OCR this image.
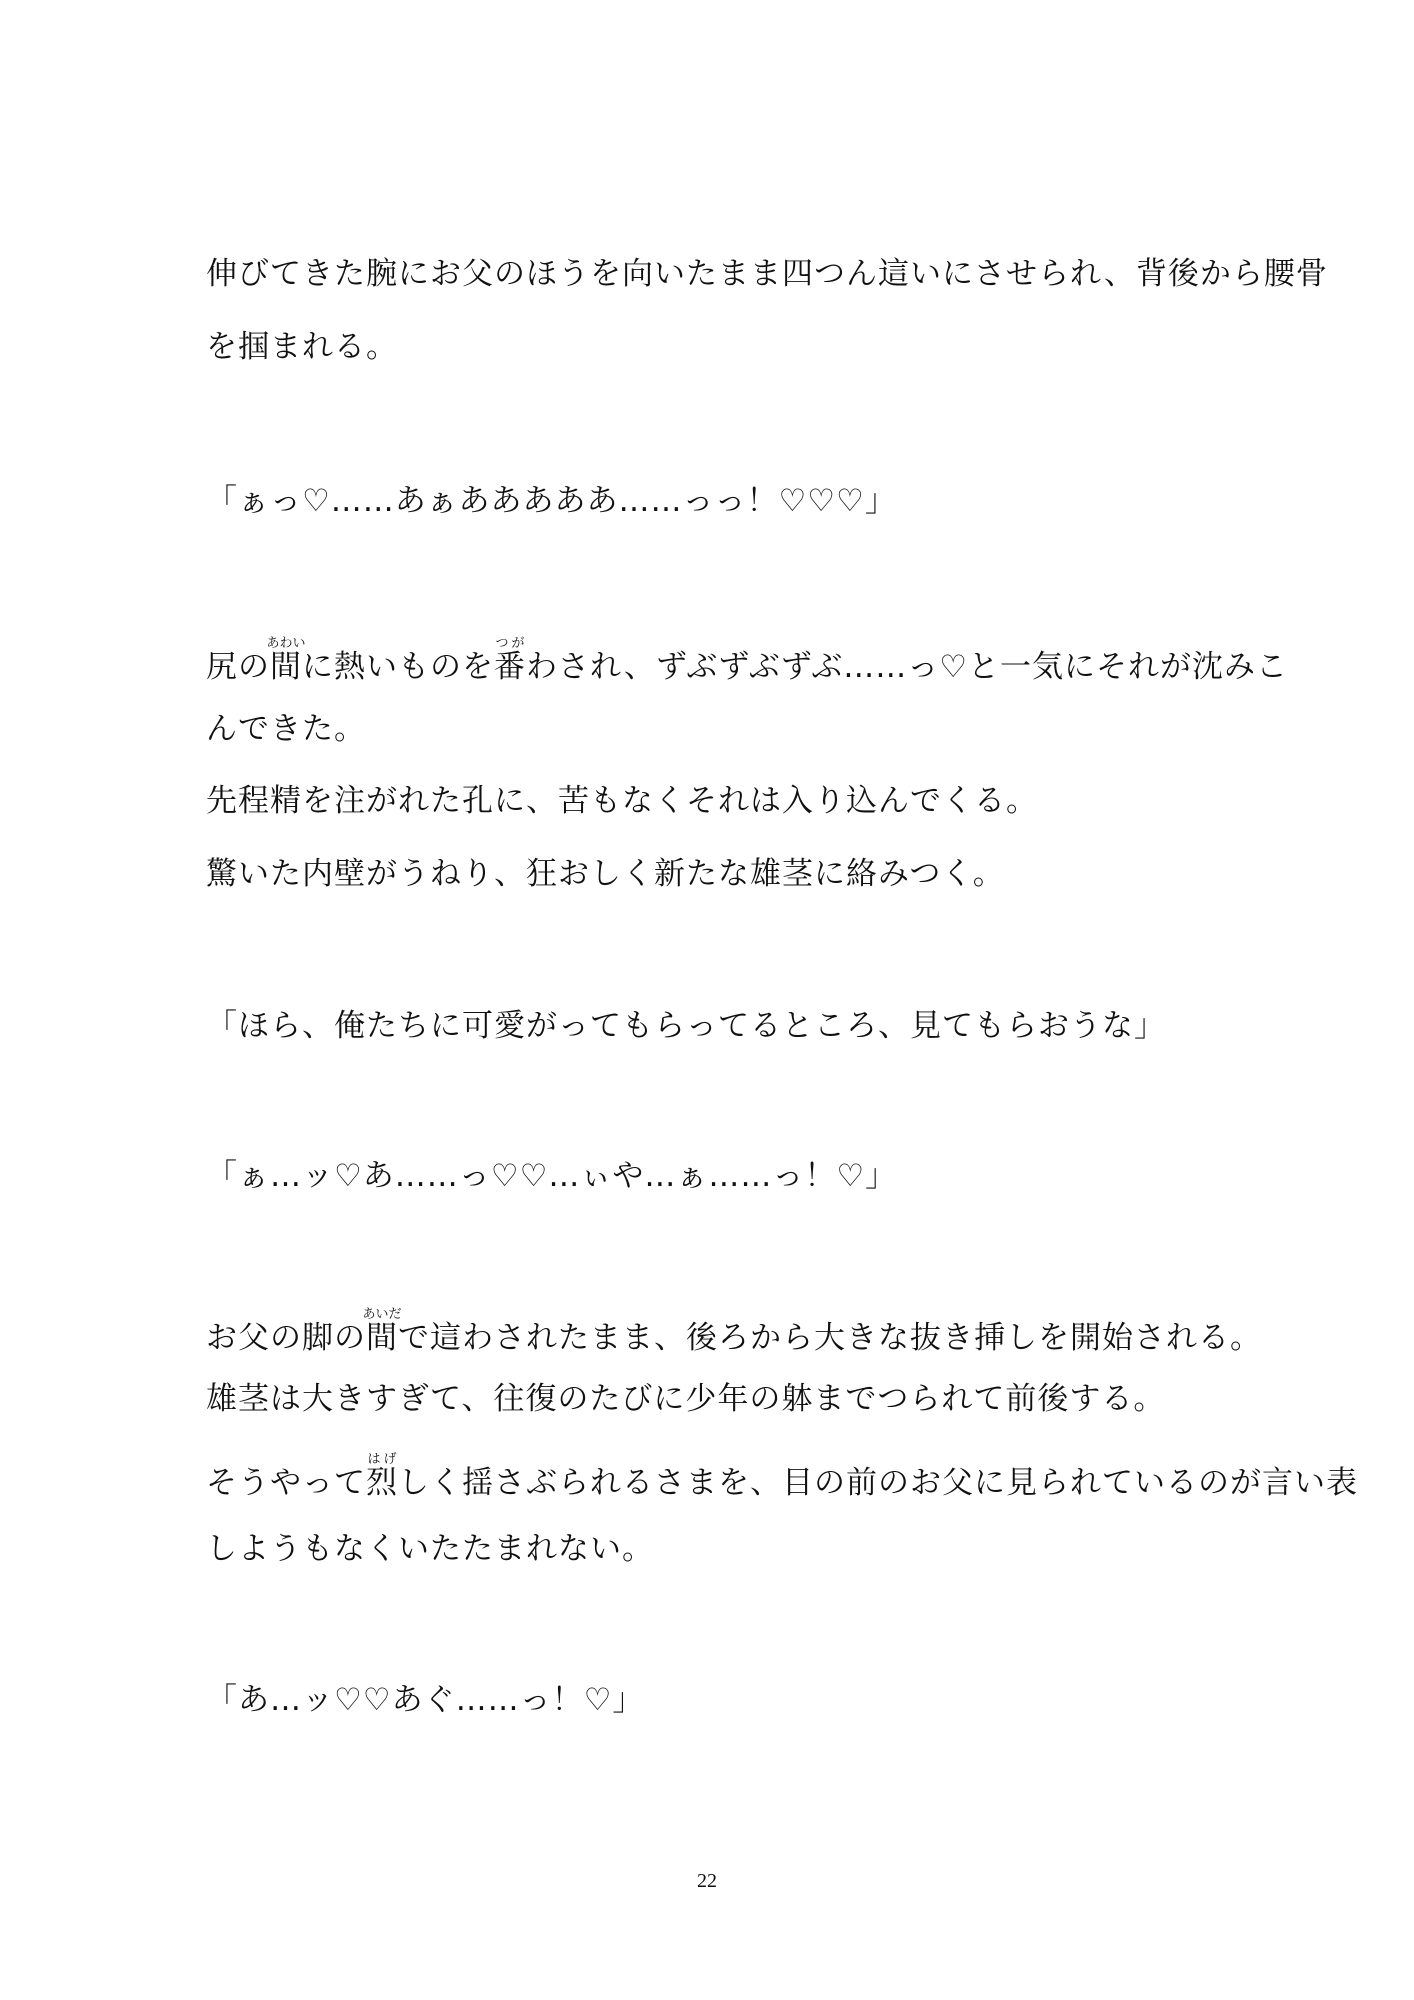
伸びてきた腕にお父のほうを向いたまま四つん這いにさせられ、背後から腰骨
を掴まれる。
「ぁっ♡……あぁあああああ……っっ！♡♡♡」
尻の間あわいに熱いものを番つがわされ、ずぶずぶずぶ……っ♡と一気にそれが沈みこ
んできた。
先程精を注がれた孔に、苦もなくそれは入り込んでくる。
驚いた内壁がうねり、狂おしく新たな雄茎に絡みつく。
「ほら、俺たちに可愛がってもらってるところ、見てもらおうな」
「ぁ…ッ♡あ……っ♡♡…ぃや…ぁ……っ！♡」
お父の脚の間あいだで這わされたまま、後ろから大きな抜き挿しを開始される。
雄茎は大きすぎて、往復のたびに少年の躰までつられて前後する。
そうやって烈はげしく揺さぶられるさまを、目の前のお父に見られているのが言い表
しようもなくいたたまれない。
「あ…ッ♡♡あぐ……っ！♡」
22
